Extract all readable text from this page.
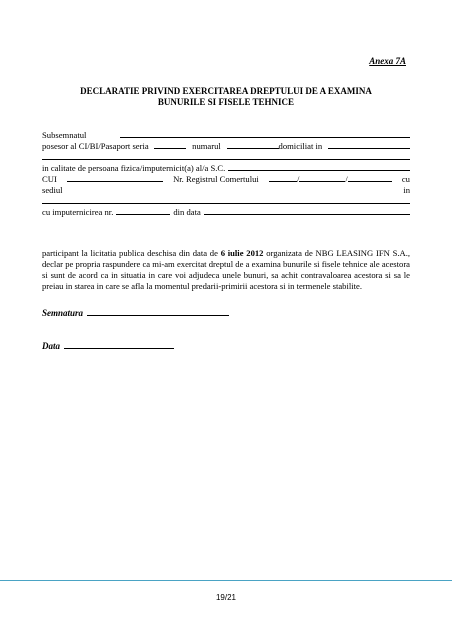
Anexa 7A
DECLARATIE PRIVIND EXERCITAREA DREPTULUI DE A EXAMINA
BUNURILE SI FISELE TEHNICE
Subsemnatul
posesor al CI/BI/Pasaport seria	numarul	domiciliat in
in calitate de persoana fizica/imputernicit(a) al/a S.C.
CUI	Nr. Registrul Comertului	/	/	cu
sediul	in
cu imputernicirea nr.	din data
participant la licitatia publica deschisa din data de 6 iulie 2012 organizata de NBG LEASING IFN S.A., declar pe propria raspundere ca mi-am exercitat dreptul de a examina bunurile si fisele tehnice ale acestora si sunt de acord ca in situatia in care voi adjudeca unele bunuri, sa achit contravaloarea acestora si sa le preiau in starea in care se afla la momentul predarii-primirii acestora si in termenele stabilite.
Semnatura
Data
19/21
